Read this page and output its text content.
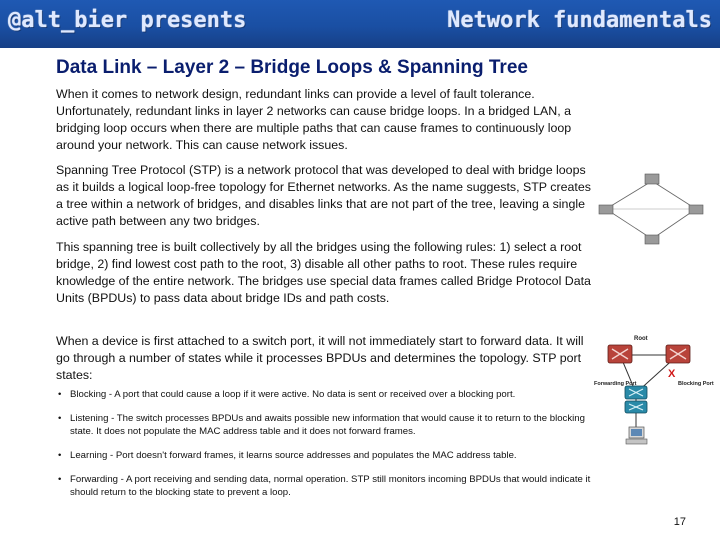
@alt_bier presents	Network fundamentals
Data Link – Layer 2 – Bridge Loops & Spanning Tree
When it comes to network design, redundant links can provide a level of fault tolerance. Unfortunately, redundant links in layer 2 networks can cause bridge loops. In a bridged LAN, a bridging loop occurs when there are multiple paths that can cause frames to continuously loop around your network. This can cause network issues.
Spanning Tree Protocol (STP) is a network protocol that was developed to deal with bridge loops as it builds a logical loop-free topology for Ethernet networks. As the name suggests, STP creates a tree within a network of bridges, and disables links that are not part of the tree, leaving a single active path between any two bridges.
This spanning tree is built collectively by all the bridges using the following rules: 1) select a root bridge, 2) find lowest cost path to the root, 3) disable all other paths to root. These rules require knowledge of the entire network. The bridges use special data frames called Bridge Protocol Data Units (BPDUs) to pass data about bridge IDs and path costs.
When a device is first attached to a switch port, it will not immediately start to forward data. It will go through a number of states while it processes BPDUs and determines the topology. STP port states:
• Blocking - A port that could cause a loop if it were active. No data is sent or received over a blocking port.
• Listening - The switch processes BPDUs and awaits possible new information that would cause it to return to the blocking state. It does not populate the MAC address table and it does not forward frames.
• Learning - Port doesn't forward frames, it learns source addresses and populates the MAC address table.
• Forwarding - A port receiving and sending data, normal operation. STP still monitors incoming BPDUs that would indicate it should return to the blocking state to prevent a loop.
Root
X
Forwarding Port	Blocking Port
17
